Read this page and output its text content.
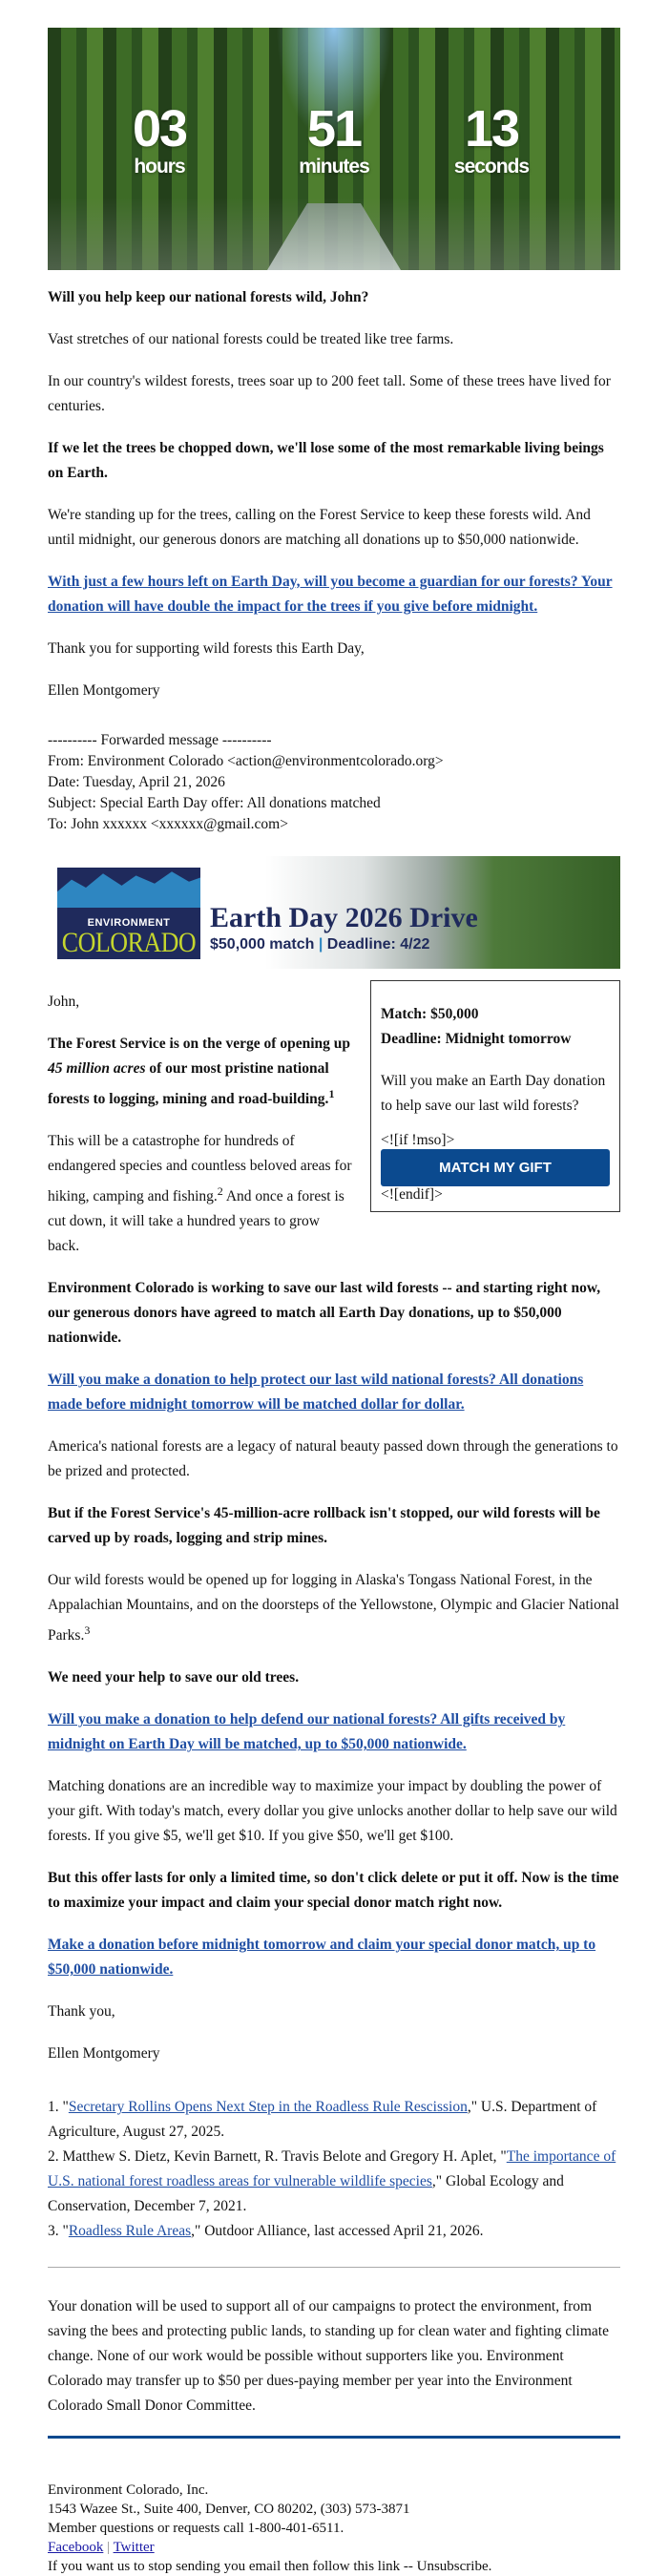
03
hours
51
minutes
13
seconds

Will you help keep our national forests wild, John?

Vast stretches of our national forests could be treated like tree farms.

In our country's wildest forests, trees soar up to 200 feet tall. Some of these trees have lived for centuries.

If we let the trees be chopped down, we'll lose some of the most remarkable living beings on Earth.

We're standing up for the trees, calling on the Forest Service to keep these forests wild. And until midnight, our generous donors are matching all donations up to $50,000 nationwide.

With just a few hours left on Earth Day, will you become a guardian for our forests? Your donation will have double the impact for the trees if you give before midnight.

Thank you for supporting wild forests this Earth Day,

Ellen Montgomery

---------- Forwarded message ----------

From: Environment Colorado <action@environmentcolorado.org>

Date: Tuesday, April 21, 2026

Subject: Special Earth Day offer: All donations matched

To: John xxxxxx <xxxxxx@gmail.com>

ENVIRONMENT
COLORADO
Earth Day 2026 Drive
$50,000 match | Deadline: 4/22

John,

The Forest Service is on the verge of opening up 45 million acres of our most pristine national forests to logging, mining and road-building.$^1$

This will be a catastrophe for hundreds of endangered species and countless beloved areas for hiking, camping and fishing.$^2$ And once a forest is cut down, it will take a hundred years to grow back.

Match: $50,000

Deadline: Midnight tomorrow

Will you make an Earth Day donation to help save our last wild forests?

<![if !mso]>
MATCH MY GIFT
<![endif]>

Environment Colorado is working to save our last wild forests -- and starting right now, our generous donors have agreed to match all Earth Day donations, up to $50,000 nationwide.

Will you make a donation to help protect our last wild national forests? All donations made before midnight tomorrow will be matched dollar for dollar.

America's national forests are a legacy of natural beauty passed down through the generations to be prized and protected.

But if the Forest Service's 45-million-acre rollback isn't stopped, our wild forests will be carved up by roads, logging and strip mines.

Our wild forests would be opened up for logging in Alaska's Tongass National Forest, in the Appalachian Mountains, and on the doorsteps of the Yellowstone, Olympic and Glacier National Parks.$^3$

We need your help to save our old trees.

Will you make a donation to help defend our national forests? All gifts received by midnight on Earth Day will be matched, up to $50,000 nationwide.

Matching donations are an incredible way to maximize your impact by doubling the power of your gift. With today's match, every dollar you give unlocks another dollar to help save our wild forests. If you give $5, we'll get $10. If you give $50, we'll get $100.

But this offer lasts for only a limited time, so don't click delete or put it off. Now is the time to maximize your impact and claim your special donor match right now.

Make a donation before midnight tomorrow and claim your special donor match, up to $50,000 nationwide.

Thank you,

Ellen Montgomery

1. "Secretary Rollins Opens Next Step in the Roadless Rule Rescission," U.S. Department of Agriculture, August 27, 2025.

2. Matthew S. Dietz, Kevin Barnett, R. Travis Belote and Gregory H. Aplet, "The importance of U.S. national forest roadless areas for vulnerable wildlife species," Global Ecology and Conservation, December 7, 2021.

3. "Roadless Rule Areas," Outdoor Alliance, last accessed April 21, 2026.

Your donation will be used to support all of our campaigns to protect the environment, from saving the bees and protecting public lands, to standing up for clean water and fighting climate change. None of our work would be possible without supporters like you. Environment Colorado may transfer up to $50 per dues-paying member per year into the Environment Colorado Small Donor Committee.

Environment Colorado, Inc.

1543 Wazee St., Suite 400, Denver, CO 80202, (303) 573-3871

Member questions or requests call 1-800-401-6511.

Facebook | Twitter

If you want us to stop sending you email then follow this link -- Unsubscribe.
